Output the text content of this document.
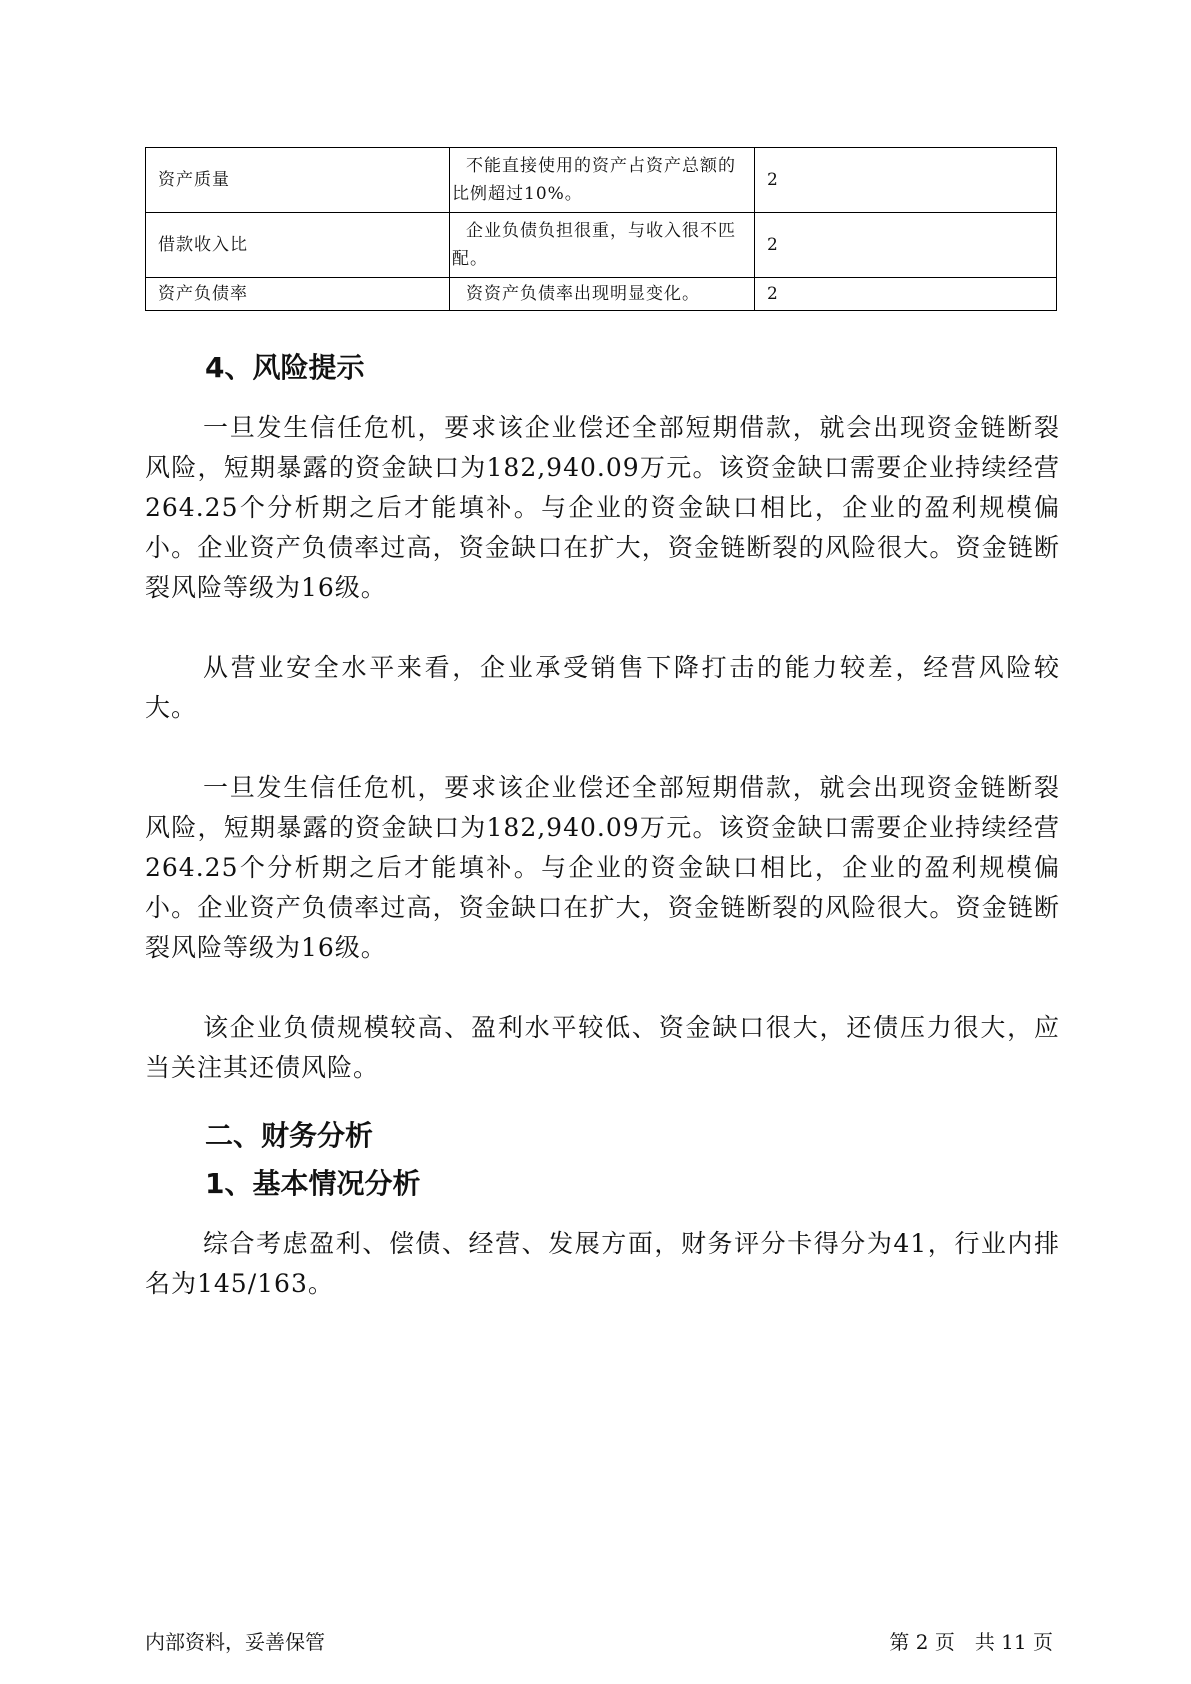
资产质量	不能直接使用的资产占资产总额的比例超过10%。	2
借款收入比	企业负债负担很重，与收入很不匹配。	2
资产负债率	资资产负债率出现明显变化。	2
4、风险提示

一旦发生信任危机，要求该企业偿还全部短期借款，就会出现资金链断裂风险，短期暴露的资金缺口为182,940.09万元。该资金缺口需要企业持续经营 264.25个分析期之后才能填补。与企业的资金缺口相比，企业的盈利规模偏小。企业资产负债率过高，资金缺口在扩大，资金链断裂的风险很大。资金链断裂风险等级为16级。

从营业安全水平来看，企业承受销售下降打击的能力较差，经营风险较大。

一旦发生信任危机，要求该企业偿还全部短期借款，就会出现资金链断裂风险，短期暴露的资金缺口为182,940.09万元。该资金缺口需要企业持续经营 264.25个分析期之后才能填补。与企业的资金缺口相比，企业的盈利规模偏小。企业资产负债率过高，资金缺口在扩大，资金链断裂的风险很大。资金链断裂风险等级为16级。

该企业负债规模较高、盈利水平较低、资金缺口很大，还债压力很大，应当关注其还债风险。

二、财务分析
1、基本情况分析

综合考虑盈利、偿债、经营、发展方面，财务评分卡得分为41，行业内排名为145/163。

内部资料，妥善保管	第 2 页　共 11 页
